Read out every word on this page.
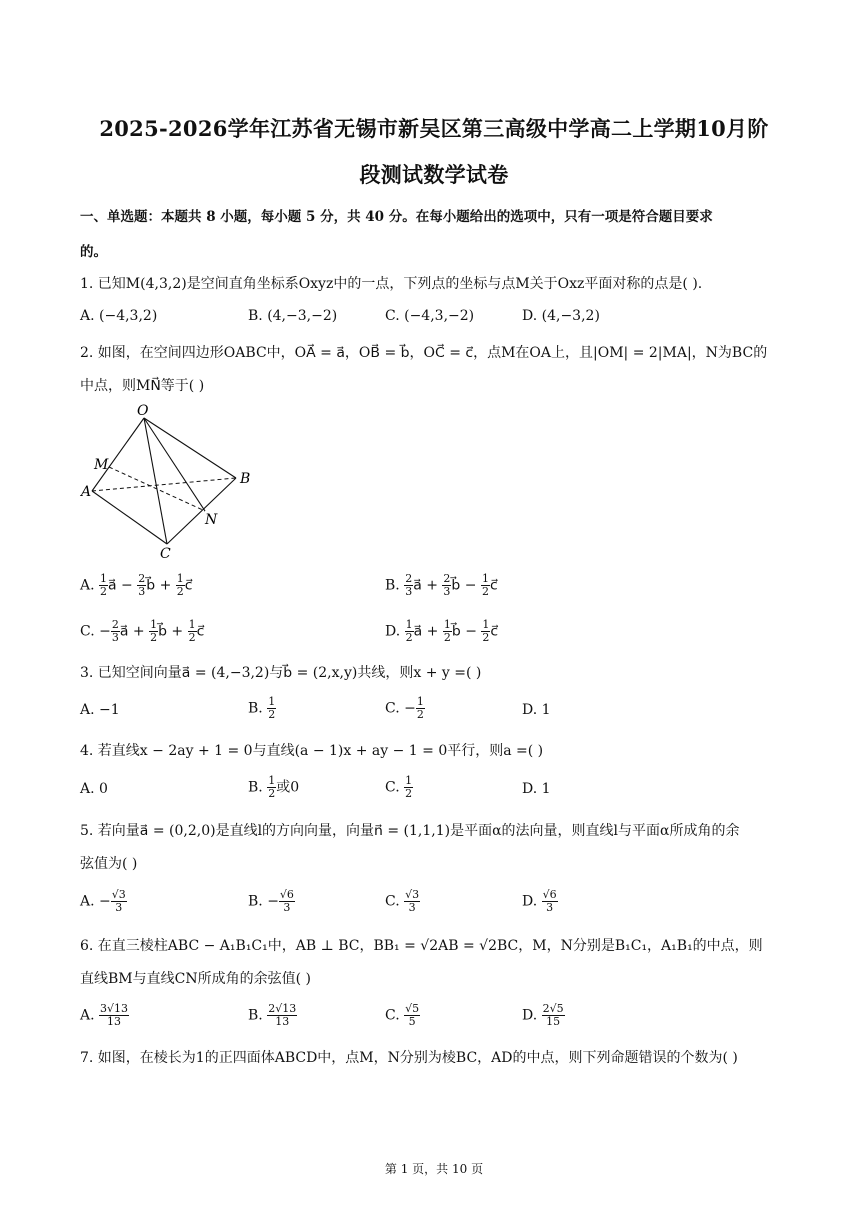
2025-2026学年江苏省无锡市新吴区第三高级中学高二上学期10月阶
段测试数学试卷
一、单选题：本题共 8 小题，每小题 5 分，共 40 分。在每小题给出的选项中，只有一项是符合题目要求
的。
1. 已知M(4,3,2)是空间直角坐标系Oxyz中的一点，下列点的坐标与点M关于Oxz平面对称的点是( ).
A. (−4,3,2)	B. (4,−3,−2)	C. (−4,3,−2)	D. (4,−3,2)
2. 如图，在空间四边形OABC中，OA⃗ = a⃗，OB⃗ = b⃗，OC⃗ = c⃗，点M在OA上，且|OM| = 2|MA|，N为BC的
中点，则MN⃗等于( )
O
M
A
B
N
C
A. $\frac{1}{2}$ a⃗ − $\frac{2}{3}$ b⃗ + $\frac{1}{2}$ c⃗	B. $\frac{2}{3}$ a⃗ + $\frac{2}{3}$ b⃗ − $\frac{1}{2}$ c⃗
C. − $\frac{2}{3}$ a⃗ + $\frac{1}{2}$ b⃗ + $\frac{1}{2}$ c⃗	D. $\frac{1}{2}$ a⃗ + $\frac{1}{2}$ b⃗ − $\frac{1}{2}$ c⃗
3. 已知空间向量a⃗ = (4,−3,2)与b⃗ = (2,x,y)共线，则x + y =( )
A. −1	B. $\frac{1}{2}$	C. − $\frac{1}{2}$	D. 1
4. 若直线x − 2ay + 1 = 0与直线(a − 1)x + ay − 1 = 0平行，则a =( )
A. 0	B. $\frac{1}{2}$ 或0	C. $\frac{1}{2}$	D. 1
5. 若向量a⃗ = (0,2,0)是直线l的方向向量，向量n⃗ = (1,1,1)是平面α的法向量，则直线l与平面α所成角的余
弦值为( )
A. − $\frac{√3}{3}$	B. − $\frac{√6}{3}$	C. $\frac{√3}{3}$	D. $\frac{√6}{3}$
6. 在直三棱柱ABC − A₁B₁C₁中，AB ⊥ BC，BB₁ = √2AB = √2BC，M，N分别是B₁C₁，A₁B₁的中点，则
直线BM与直线CN所成角的余弦值( )
A. $\frac{3√13}{13}$	B. $\frac{2√13}{13}$	C. $\frac{√5}{5}$	D. $\frac{2√5}{15}$
7. 如图，在棱长为1的正四面体ABCD中，点M，N分别为棱BC，AD的中点，则下列命题错误的个数为( )
第 1 页，共 10 页
